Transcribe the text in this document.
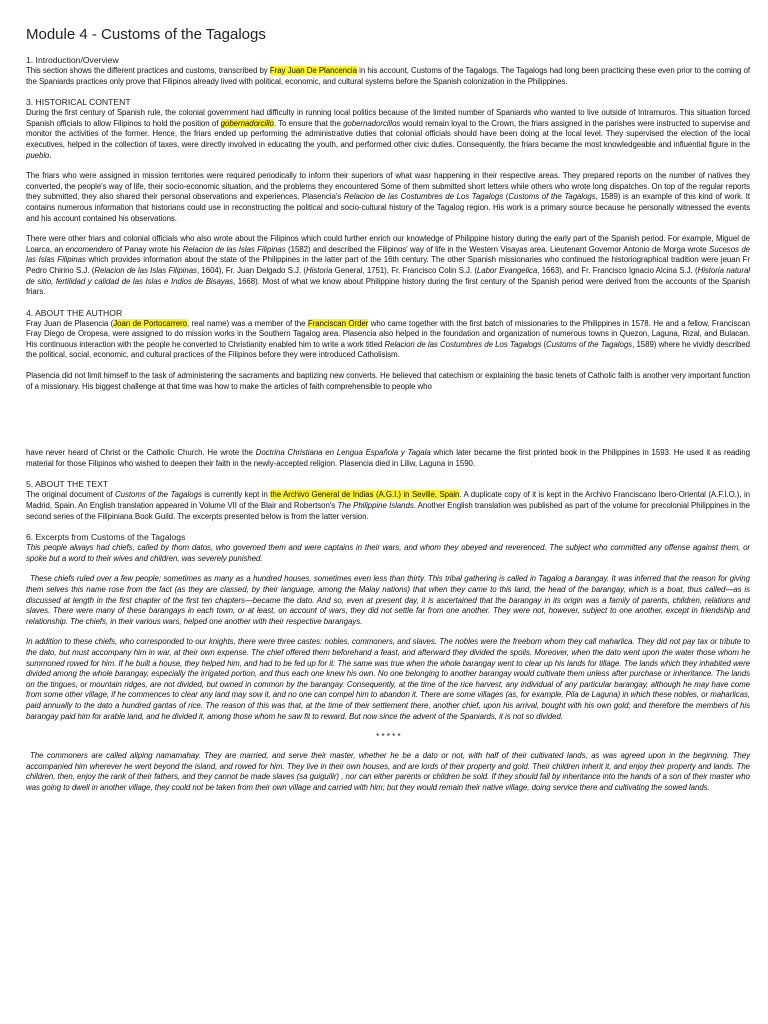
Module 4 - Customs of the Tagalogs
1. Introduction/Overview

This section shows the different practices and customs, transcribed by Fray Juan De Plancencia in his account, Customs of the Tagalogs. The Tagalogs had long been practicing these even prior to the coming of the Spaniards practices only prove that Filipinos already lived with political, economic, and cultural systems before the Spanish colonization in the Philippines.

3. HISTORICAL CONTENT

During the first century of Spanish rule, the colonial government had difficulty in running local politics because of the limited number of Spaniards who wanted to live outside of Intramuros. This situation forced Spanish officials to allow Filipinos to hold the position of gobernadorcillo. To ensure that the gobernadorcillos would remain loyal to the Crown, the friars assigned in the parishes were instructed to supervise and monitor the activities of the former. Hence, the friars ended up performing the administrative duties that colonial officials should have been doing at the local level. They supervised the election of the local executives, helped in the collection of taxes, were directly involved in educating the youth, and performed other civic duties. Consequently, the friars became the most knowledgeable and influential figure in the pueblo.

The friars who were assigned in mission territories were required periodically to inform their superiors of what wasr happening in their respective areas. They prepared reports on the number of natives they converted, the people's way of life, their socio-economic situation, and the problems they encountered Some of them submitted short letters while others who wrote long dispatches. On top of the regular reports they submitted, they also shared their personal observations and experiences. Plasencia's Relacion de las Costumbres de Los Tagalogs (Customs of the Tagalogs, 1589) is an example of this kind of work. It contains numerous information that historians could use in reconstructing the political and socio-cultural history of the Tagalog region. His work is a primary source because he personally witnessed the events and his account contained his observations.

There were other friars and colonial officials who also wrote about the Filipinos which could further enrich our knowledge of Philippine history during the early part of the Spanish period. For example, Miguel de Loarca, an encomendero of Panay wrote his Relacion de las Islas Filipinas (1582) and described the Filipinos' way of life in the Western Visayas area. Lieutenant Governor Antonio de Morga wrote Sucesos de las Islas Filipinas which provides information about the state of the Philippines in the latter part of the 16th century. The other Spanish missionaries who continued the historiographical tradition were jeuan Fr Pedro Chirino S.J. (Relacion de las Islas Filipinas, 1604), Fr. Juan Delgado S.J. (Historia General, 1751), Fr. Francisco Colin S.J. (Labor Evangelica, 1663), and Fr. Francisco Ignacio Alcina S.J. (Historia natural de sitio, fertilidad y calidad de las Islas e Indios de Bisayas, 1668). Most of what we know about Philippine history during the first century of the Spanish period were derived from the accounts of the Spanish friars.

4. ABOUT THE AUTHOR

Fray Juan de Plasencia (Joan de Portocarrero, real name) was a member of the Franciscan Order who came together with the first batch of missionaries to the Philippines in 1578. He and a fellow, Franciscan Fray Diego de Oropesa, were assigned to do mission works in the Southern Tagalog area. Plasencia also helped in the foundation and organization of numerous towns in Quezon, Laguna, Rizal, and Bulacan. His continuous interaction with the people he converted to Christianity enabled him to write a work titled Relacion de las Costumbres de Los Tagalogs (Customs of the Tagalogs, 1589) where he vividly described the political, social, economic, and cultural practices of the Filipinos before they were introduced Catholisism.

Plasencia did not limit himself to the task of administering the sacraments and baptizing new converts. He believed that catechism or explaining the basic tenets of Catholic faith is another very important function of a missionary. His biggest challenge at that time was how to make the articles of faith comprehensible to people who

have never heard of Christ or the Catholic Church. He wrote the Doctrina Christiana en Lengua Española y Tagala which later became the first printed book in the Philippines in 1593. He used it as reading material for those Filipinos who wished to deepen their faith in the newly-accepted religion. Plasencia died in Liliw, Laguna in 1590.

5. ABOUT THE TEXT

The original document of Customs of the Tagalogs is currently kept in the Archivo General de Indias (A.G.I.) in Seville, Spain. A duplicate copy of it is kept in the Archivo Franciscano Ibero-Oriental (A.F.I.O.), in Madrid, Spain. An English translation appeared in Volume VII of the Blair and Robertson's The Philippine Islands. Another English translation was published as part of the volume for precolonial Philippines in the second series of the Filipiniana Book Guild. The excerpts presented below is from the latter version.

6. Excerpts from Customs of the Tagalogs

This people always had chiefs, called by thom datos, who governed them and were captains in their wars, and whom they obeyed and reverenced. The subject who committed any offense against them, or spoke but a word to their wives and children, was severely punished.

These chiefs ruled over a few people; sometimes as many as a hundred houses, sometimes even less than thirty. This tribal gathering is called in Tagalog a barangay. It was inferred that the reason for giving them selves this name rose from the fact (as they are classed, by their language, among the Malay nations) that when they came to this land, the head of the barangay, which is a boat, thus called—as is discussed at length in the first chapter of the first ten chapters—became the dato. And so, even at present day, it is ascertained that the barangay in its origin was a family of parents, children, relations and slaves. There were many of these barangays in each town, or at least, on account of wars, they did not settle far from one another. They were not, however, subject to one another, except in friendship and relationship. The chiefs, in their various wars, helped one another with their respective barangays.

In addition to these chiefs, who corresponded to our knights, there were three castes: nobles, commoners, and slaves. The nobles were the freeborn whom they call maharlica. They did not pay tax or tribute to the dato, but must accompany him in war, at their own expense. The chief offered them beforehand a feast, and afterward they divided the spoils. Moreover, when the dato went upon the water those whom he summoned rowed for him. If he built a house, they helped him, and had to be fed up for it. The same was true when the whole barangay went to clear up his lands for tillage. The lands which they inhabited were divided among the whole barangay, especially the irrigated portion, and thus each one knew his own. No one belonging to another barangay would cultivate them unless after purchase or inheritance. The lands on the tingues, or mountain ridges, are not divided, but owned in common by the barangay. Consequently, at the time of the rice harvest, any individual of any particular barangay, although he may have come from some other village, if he commences to clear any land may sow it, and no one can compel him to abandon it. There are some villages (as, for example, Pila de Laguna) in which these nobles, or maharlicas, paid annually to the dato a hundred gantas of rice. The reason of this was that, at the time of their settlement there, another chief, upon his arrival, bought with his own gold; and therefore the members of his barangay paid him for arable land, and he divided it, among those whom he saw fit to reward. But now since the advent of the Spaniards, it is not so divided.

* * * * *

The commoners are called aliping namamahay. They are married, and serve their master, whether he be a dato or not, with half of their cultivated lands, as was agreed upon in the beginning. They accompanied him wherever he went beyond the island, and rowed for him. They live in their own houses, and are lords of their property and gold. Their children inherit it, and enjoy their property and lands. The children, then, enjoy the rank of their fathers, and they cannot be made slaves (sa guiguilir) , nor can either parents or children be sold. If they should fall by inheritance into the hands of a son of their master who was going to dwell in another village, they could not be taken from their own village and carried with him; but they would remain their native village, doing service there and cultivating the sowed lands.
